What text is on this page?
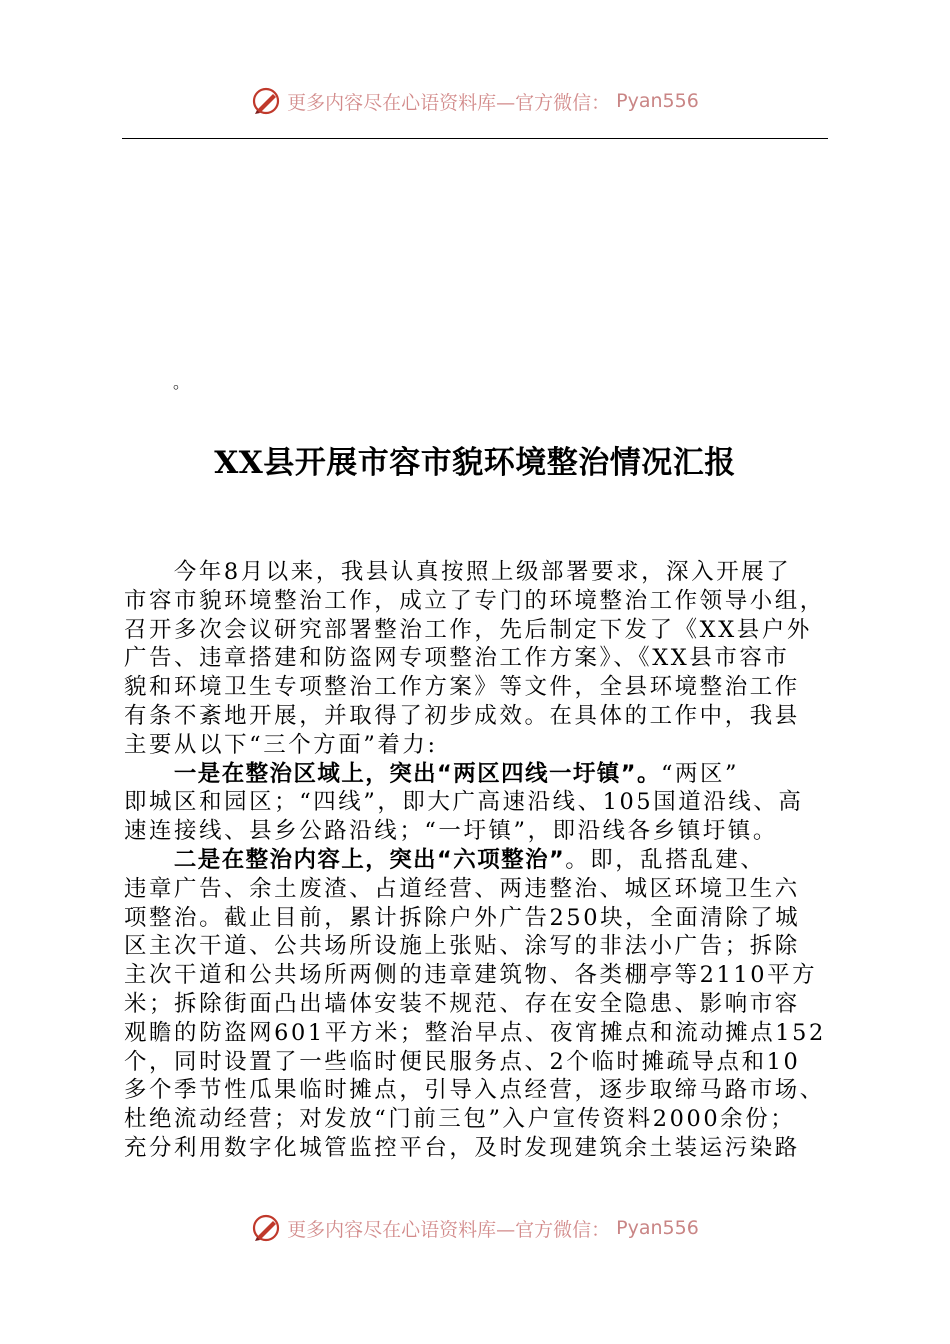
更多内容尽在心语资料库—官方微信： Pyan556
。
XX县开展市容市貌环境整治情况汇报
今年8月以来，我县认真按照上级部署要求，深入开展了
市容市貌环境整治工作，成立了专门的环境整治工作领导小组，
召开多次会议研究部署整治工作，先后制定下发了《XX县户外
广告、违章搭建和防盗网专项整治工作方案》、《XX县市容市
貌和环境卫生专项整治工作方案》等文件，全县环境整治工作
有条不紊地开展，并取得了初步成效。在具体的工作中，我县
主要从以下“三个方面”着力:
一是在整治区域上，突出“两区四线一圩镇”。“两区”
即城区和园区；“四线”，即大广高速沿线、105国道沿线、高
速连接线、县乡公路沿线；“一圩镇”，即沿线各乡镇圩镇。
二是在整治内容上，突出“六项整治”。即，乱搭乱建、
违章广告、余土废渣、占道经营、两违整治、城区环境卫生六
项整治。截止目前，累计拆除户外广告250块，全面清除了城
区主次干道、公共场所设施上张贴、涂写的非法小广告；拆除
主次干道和公共场所两侧的违章建筑物、各类棚亭等2110平方
米；拆除街面凸出墙体安装不规范、存在安全隐患、影响市容
观瞻的防盗网601平方米；整治早点、夜宵摊点和流动摊点152
个，同时设置了一些临时便民服务点、2个临时摊疏导点和10
多个季节性瓜果临时摊点，引导入点经营，逐步取缔马路市场、
杜绝流动经营；对发放“门前三包”入户宣传资料2000余份；
充分利用数字化城管监控平台，及时发现建筑余土装运污染路
更多内容尽在心语资料库—官方微信： Pyan556
